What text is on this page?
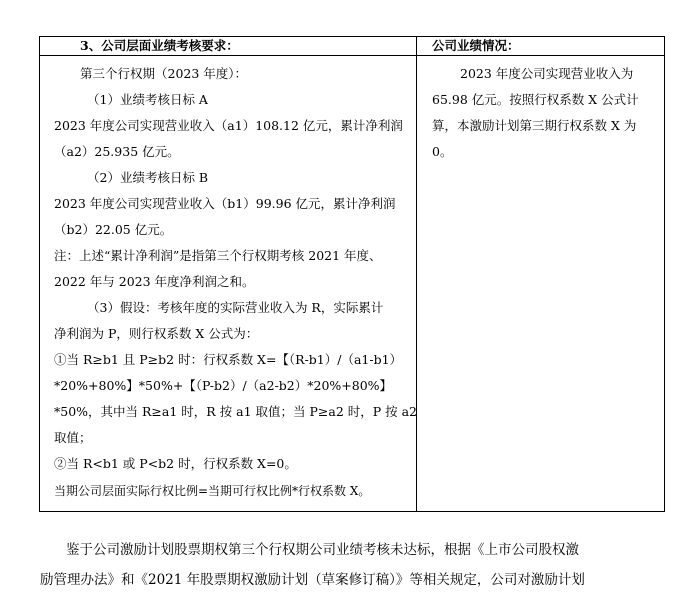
3、公司层面业绩考核要求：
第三个行权期（2023 年度）：
（1）业绩考核日标 A
2023 年度公司实现营业收入（a1）108.12 亿元，累计净利润
（a2）25.935 亿元。
（2）业绩考核日标 B
2023 年度公司实现营业收入（b1）99.96 亿元，累计净利润
（b2）22.05 亿元。
注：上述“累计净利润”是指第三个行权期考核 2021 年度、
2022 年与 2023 年度净利润之和。
（3）假设：考核年度的实际营业收入为 R，实际累计
净利润为 P，则行权系数 X 公式为：
①当 R≥b1 且 P≥b2 时：行权系数 X=【（R-b1）/（a1-b1）
*20%+80%】*50%+【（P-b2）/（a2-b2）*20%+80%】
*50%，其中当 R≥a1 时，R 按 a1 取值；当 P≥a2 时，P 按 a2
取值；
②当 R<b1 或 P<b2 时，行权系数 X=0。
当期公司层面实际行权比例=当期可行权比例*行权系数 X。
公司业绩情况：
2023 年度公司实现营业收入为
65.98 亿元。按照行权系数 X 公式计
算，本激励计划第三期行权系数 X 为
0。
鉴于公司激励计划股票期权第三个行权期公司业绩考核未达标，根据《上市公司股权激
励管理办法》和《2021 年股票期权激励计划（草案修订稿）》等相关规定，公司对激励计划
